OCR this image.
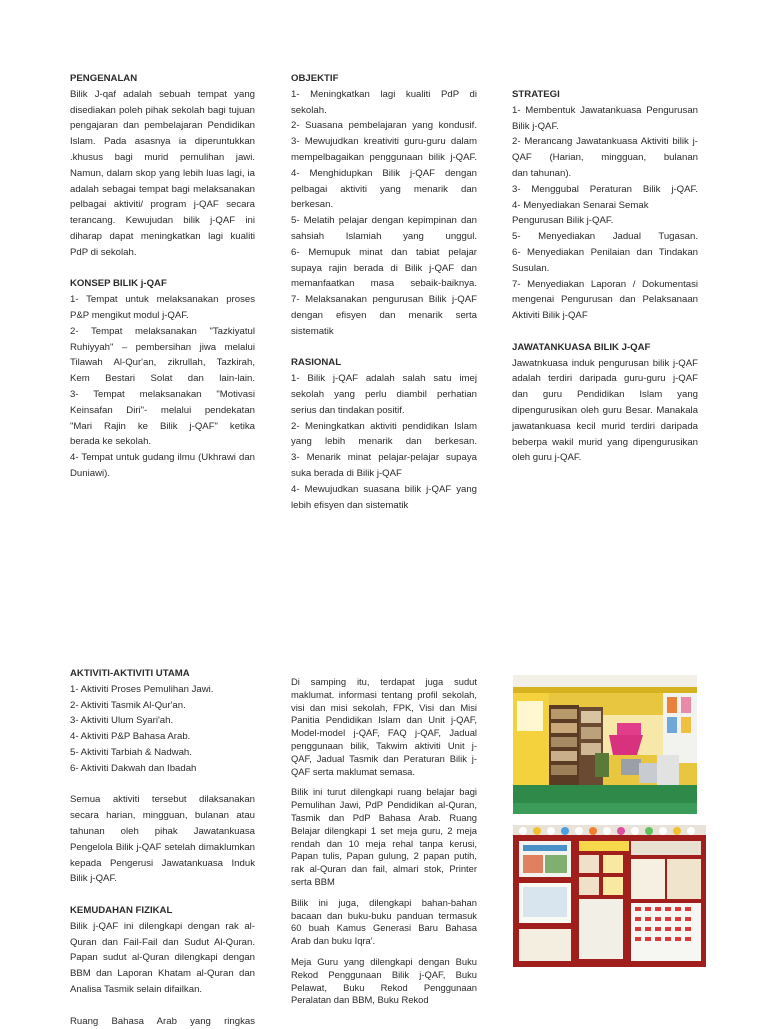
PENGENALAN

Bilik J-qaf adalah sebuah tempat yang

disediakan poleh pihak sekolah bagi tujuan

pengajaran dan pembelajaran Pendidikan

Islam. Pada asasnya ia diperuntukkan

.khusus bagi murid pemulihan jawi.

Namun, dalam skop yang lebih luas lagi, ia

adalah sebagai tempat bagi melaksanakan

pelbagai aktiviti/ program j-QAF secara

terancang. Kewujudan bilik j-QAF ini

diharap dapat meningkatkan lagi kualiti

PdP di sekolah.

KONSEP BILIK j-QAF

1- Tempat untuk melaksanakan proses

P&P mengikut modul j-QAF.

2- Tempat melaksanakan "Tazkiyatul

Ruhiyyah" – pembersihan jiwa melalui

Tilawah Al-Qur'an, zikrullah, Tazkirah,

Kem Bestari Solat dan lain-lain.

3- Tempat melaksanakan "Motivasi

Keinsafan Diri"- melalui pendekatan

"Mari Rajin ke Bilik j-QAF" ketika

berada ke sekolah.

4- Tempat untuk gudang ilmu (Ukhrawi dan

Duniawi).

OBJEKTIF

1- Meningkatkan lagi kualiti PdP di

sekolah.

2- Suasana pembelajaran yang kondusif.

3- Mewujudkan kreativiti guru-guru dalam

mempelbagaikan penggunaan bilik j-QAF.

4- Menghidupkan Bilik j-QAF dengan

pelbagai aktiviti yang menarik dan

berkesan.

5- Melatih pelajar dengan kepimpinan dan

sahsiah Islamiah yang unggul.

6- Memupuk minat dan tabiat pelajar

supaya rajin berada di Bilik j-QAF dan

memanfaatkan masa sebaik-baiknya.

7- Melaksanakan pengurusan Bilik j-QAF

dengan efisyen dan menarik serta

sistematik

RASIONAL

1- Bilik j-QAF adalah salah satu imej

sekolah yang perlu diambil perhatian

serius dan tindakan positif.

2- Meningkatkan aktiviti pendidikan Islam

yang lebih menarik dan berkesan.

3- Menarik minat pelajar-pelajar supaya

suka berada di Bilik j-QAF

4- Mewujudkan suasana bilik j-QAF yang

lebih efisyen dan sistematik

STRATEGI

1- Membentuk Jawatankuasa Pengurusan

Bilik j-QAF.

2- Merancang Jawatankuasa Aktiviti bilik j-

QAF (Harian, mingguan, bulanan

dan tahunan).

3- Menggubal Peraturan Bilik j-QAF.

4- Menyediakan Senarai Semak

Pengurusan Bilik j-QAF.

5- Menyediakan Jadual Tugasan.

6- Menyediakan Penilaian dan Tindakan

Susulan.

7- Menyediakan Laporan / Dokumentasi

mengenai Pengurusan dan Pelaksanaan

Aktiviti Bilik j-QAF

JAWATANKUASA BILIK J-QAF

Jawatnkuasa induk pengurusan bilik j-QAF

adalah terdiri daripada guru-guru j-QAF

dan guru Pendidikan Islam yang

dipengurusikan oleh guru Besar. Manakala

jawatankuasa kecil murid terdiri daripada

beberpa wakil murid yang dipengurusikan

oleh guru j-QAF.

AKTIVITI-AKTIVITI UTAMA

1- Aktiviti Proses Pemulihan Jawi.

2- Aktiviti Tasmik Al-Qur'an.

3- Aktiviti Ulum Syari'ah.

4- Aktiviti P&P Bahasa Arab.

5- Aktiviti Tarbiah & Nadwah.

6- Aktiviti Dakwah dan Ibadah

Semua aktiviti tersebut dilaksanakan

secara harian, mingguan, bulanan atau

tahunan oleh pihak Jawatankuasa

Pengelola Bilik j-QAF setelah dimaklumkan

kepada Pengerusi Jawatankuasa Induk

Bilik j-QAF.

KEMUDAHAN FIZIKAL

Bilik j-QAF ini dilengkapi dengan rak al-

Quran dan Fail-Fail dan Sudut Al-Quran.

Papan sudut al-Quran dilengkapi dengan

BBM dan Laporan Khatam al-Quran dan

Analisa Tasmik selain difailkan.

Ruang Bahasa Arab yang ringkas

Di samping itu, terdapat juga sudut

maklumat. informasi tentang profil sekolah,

visi dan misi sekolah, FPK, Visi dan Misi

Panitia Pendidikan Islam dan Unit j-QAF,

Model-model j-QAF, FAQ j-QAF, Jadual

penggunaan bilik, Takwim aktiviti Unit j-

QAF, Jadual Tasmik dan Peraturan Bilik j-

QAF serta maklumat semasa.

Bilik ini turut dilengkapi ruang belajar bagi

Pemulihan Jawi, PdP Pendidikan al-Quran,

Tasmik dan PdP Bahasa Arab. Ruang

Belajar dilengkapi 1 set meja guru, 2 meja

rendah dan 10 meja rehal tanpa kerusi,

Papan tulis, Papan gulung, 2 papan putih,

rak al-Quran dan fail, almari stok, Printer

serta BBM

Bilik ini juga, dilengkapi bahan-bahan

bacaan dan buku-buku panduan termasuk

60 buah Kamus Generasi Baru Bahasa

Arab dan buku Iqra'.

Meja Guru yang dilengkapi dengan Buku

Rekod Penggunaan Bilik j-QAF, Buku

Pelawat, Buku Rekod Penggunaan

Peralatan dan BBM, Buku Rekod
